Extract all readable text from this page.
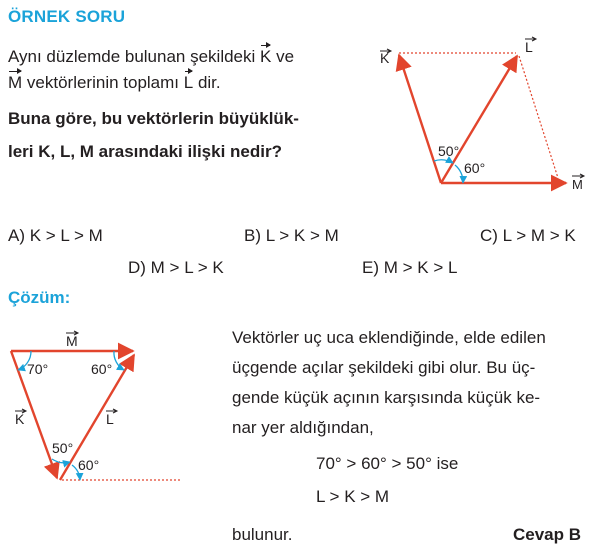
ÖRNEK SORU
Aynı düzlemde bulunan şekildeki K ve
M vektörlerinin toplamı L dir.
Buna göre, bu vektörlerin büyüklük-
leri K, L, M arasındaki ilişki nedir?
K
L
M
50°
60°
A) K > L > M	B) L > K > M	C) L > M > K
D) M > L > K	E) M > K > L
Çözüm:
M
K	L
70°	60°
50°
60°
Vektörler uç uca eklendiğinde, elde edilen
üçgende açılar şekildeki gibi olur. Bu üç-
gende küçük açının karşısında küçük ke-
nar yer aldığından,
70° > 60° > 50° ise
L > K > M
bulunur.	Cevap B
